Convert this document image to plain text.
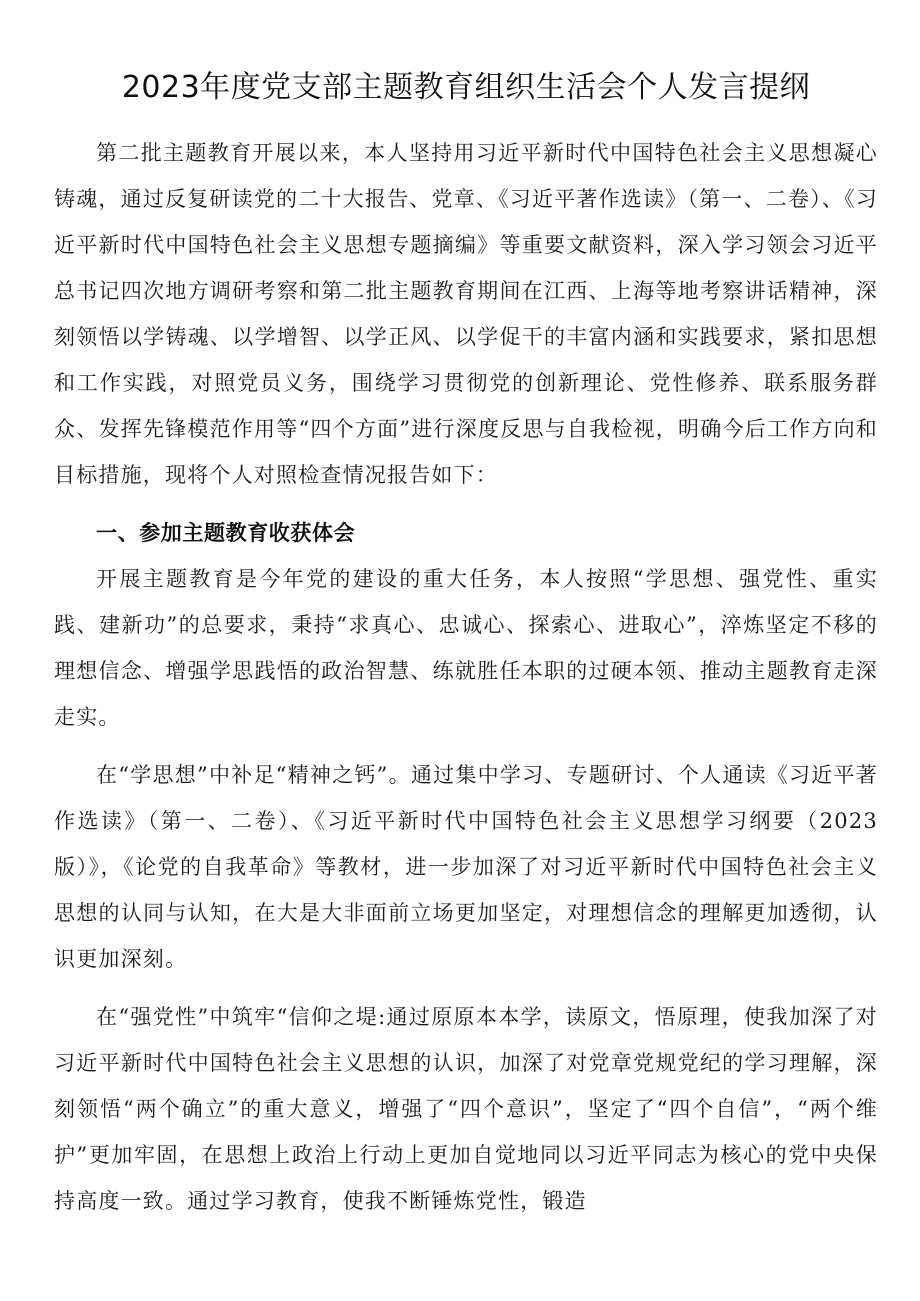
2023年度党支部主题教育组织生活会个人发言提纲

第二批主题教育开展以来，本人坚持用习近平新时代中国特色社会主义思想凝心铸魂，通过反复研读党的二十大报告、党章、《习近平著作选读》（第一、二卷）、《习近平新时代中国特色社会主义思想专题摘编》等重要文献资料，深入学习领会习近平总书记四次地方调研考察和第二批主题教育期间在江西、上海等地考察讲话精神，深刻领悟以学铸魂、以学增智、以学正风、以学促干的丰富内涵和实践要求，紧扣思想和工作实践，对照党员义务，围绕学习贯彻党的创新理论、党性修养、联系服务群众、发挥先锋模范作用等“四个方面”进行深度反思与自我检视，明确今后工作方向和目标措施，现将个人对照检查情况报告如下：

一、参加主题教育收获体会

开展主题教育是今年党的建设的重大任务，本人按照“学思想、强党性、重实践、建新功”的总要求，秉持“求真心、忠诚心、探索心、进取心”，淬炼坚定不移的理想信念、增强学思践悟的政治智慧、练就胜任本职的过硬本领、推动主题教育走深走实。

在“学思想”中补足“精神之钙”。通过集中学习、专题研讨、个人通读《习近平著作选读》（第一、二卷）、《习近平新时代中国特色社会主义思想学习纲要（2023版）》，《论党的自我革命》等教材，进一步加深了对习近平新时代中国特色社会主义思想的认同与认知，在大是大非面前立场更加坚定，对理想信念的理解更加透彻，认识更加深刻。

在“强党性”中筑牢“信仰之堤:通过原原本本学，读原文，悟原理，使我加深了对习近平新时代中国特色社会主义思想的认识，加深了对党章党规党纪的学习理解，深刻领悟“两个确立”的重大意义，增强了“四个意识”，坚定了“四个自信”，“两个维护”更加牢固，在思想上政治上行动上更加自觉地同以习近平同志为核心的党中央保持高度一致。通过学习教育，使我不断锤炼党性，锻造
